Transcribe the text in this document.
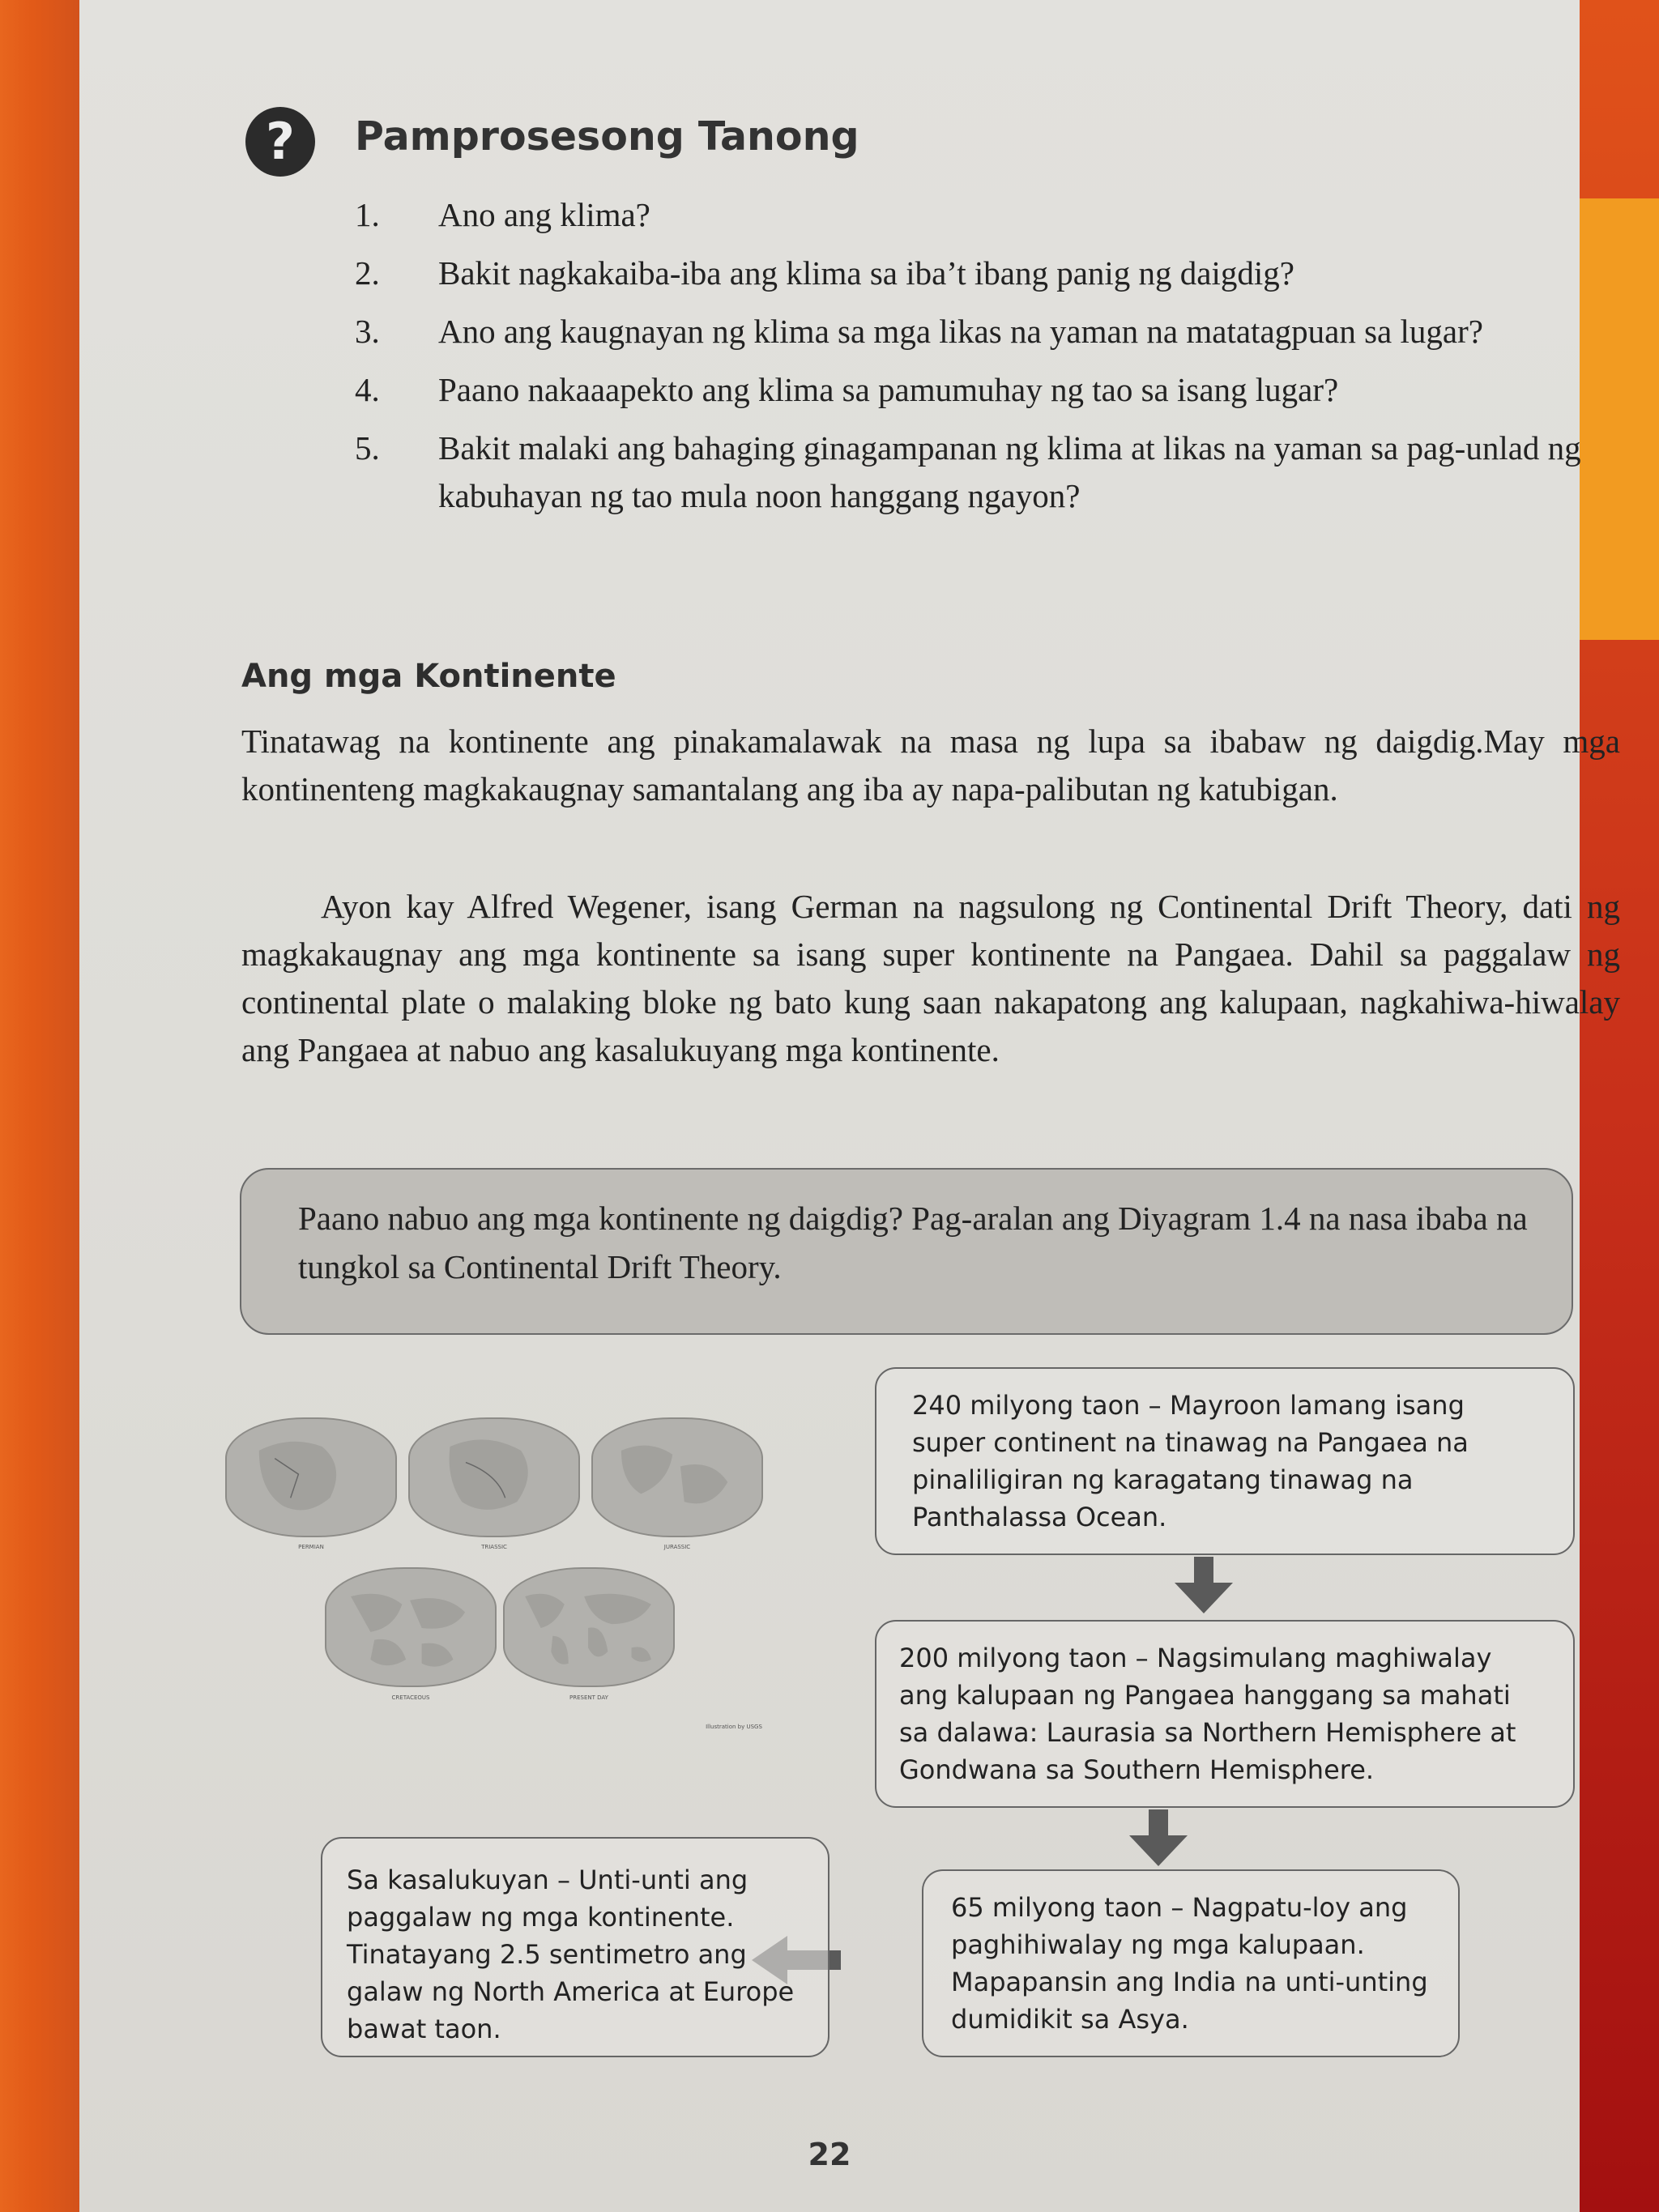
?	Pamprosesong Tanong
1. Ano ang klima?
2. Bakit nagkakaiba-iba ang klima sa iba’t ibang panig ng daigdig?
3. Ano ang kaugnayan ng klima sa mga likas na yaman na matatagpuan sa lugar?
4. Paano nakaaapekto ang klima sa pamumuhay ng tao sa isang lugar?
5. Bakit malaki ang bahaging ginagampanan ng klima at likas na yaman sa pag-unlad ng kabuhayan ng tao mula noon hanggang ngayon?
Ang mga Kontinente

Tinatawag na kontinente ang pinakamalawak na masa ng lupa sa ibabaw ng daigdig.May mga kontinenteng magkakaugnay samantalang ang iba ay napa-palibutan ng katubigan.

Ayon kay Alfred Wegener, isang German na nagsulong ng Continental Drift Theory, dati ng magkakaugnay ang mga kontinente sa isang super kontinente na Pangaea. Dahil sa paggalaw ng continental plate o malaking bloke ng bato kung saan nakapatong ang kalupaan, nagkahiwa-hiwalay ang Pangaea at nabuo ang kasalukuyang mga kontinente.

Paano nabuo ang mga kontinente ng daigdig? Pag-aralan ang Diyagram 1.4 na nasa ibaba na tungkol sa Continental Drift Theory.

PERMIAN	TRIASSIC	JURASSIC
CRETACEOUS	PRESENT DAY
Illustration by USGS

240 milyong taon – Mayroon lamang isang super continent na tinawag na Pangaea na pinaliligiran ng karagatang tinawag na Panthalassa Ocean.

200 milyong taon – Nagsimulang maghiwalay ang kalupaan ng Pangaea hanggang sa mahati sa dalawa: Laurasia sa Northern Hemisphere at Gondwana sa Southern Hemisphere.

65 milyong taon – Nagpatu-loy ang paghihiwalay ng mga kalupaan. Mapapansin ang India na unti-unting dumidikit sa Asya.

Sa kasalukuyan – Unti-unti ang paggalaw ng mga kontinente. Tinatayang 2.5 sentimetro ang galaw ng North America at Europe bawat taon.

22
